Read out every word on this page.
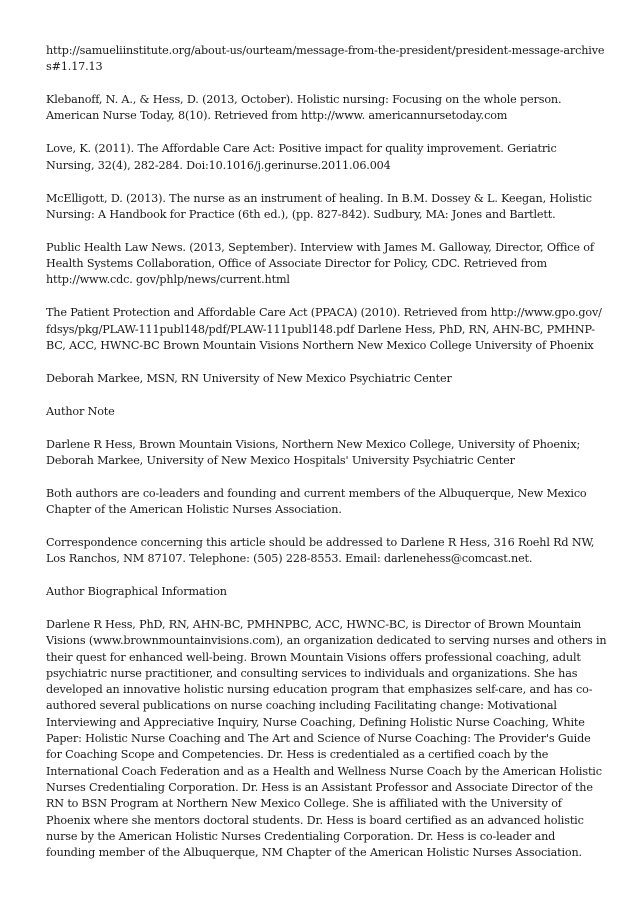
http://samueliinstitute.org/about-us/ourteam/message-from-the-president/president-message-archive
s#1.17.13

Klebanoff, N. A., & Hess, D. (2013, October). Holistic nursing: Focusing on the whole person.
American Nurse Today, 8(10). Retrieved from http://www. americannursetoday.com

Love, K. (2011). The Affordable Care Act: Positive impact for quality improvement. Geriatric
Nursing, 32(4), 282-284. Doi:10.1016/j.gerinurse.2011.06.004

McElligott, D. (2013). The nurse as an instrument of healing. In B.M. Dossey & L. Keegan, Holistic
Nursing: A Handbook for Practice (6th ed.), (pp. 827-842). Sudbury, MA: Jones and Bartlett.

Public Health Law News. (2013, September). Interview with James M. Galloway, Director, Office of
Health Systems Collaboration, Office of Associate Director for Policy, CDC. Retrieved from
http://www.cdc. gov/phlp/news/current.html

The Patient Protection and Affordable Care Act (PPACA) (2010). Retrieved from http://www.gpo.gov/
fdsys/pkg/PLAW-111publ148/pdf/PLAW-111publ148.pdf Darlene Hess, PhD, RN, AHN-BC, PMHNP-
BC, ACC, HWNC-BC Brown Mountain Visions Northern New Mexico College University of Phoenix

Deborah Markee, MSN, RN University of New Mexico Psychiatric Center

Author Note

Darlene R Hess, Brown Mountain Visions, Northern New Mexico College, University of Phoenix;
Deborah Markee, University of New Mexico Hospitals' University Psychiatric Center

Both authors are co-leaders and founding and current members of the Albuquerque, New Mexico
Chapter of the American Holistic Nurses Association.

Correspondence concerning this article should be addressed to Darlene R Hess, 316 Roehl Rd NW,
Los Ranchos, NM 87107. Telephone: (505) 228-8553. Email: darlenehess@comcast.net.

Author Biographical Information

Darlene R Hess, PhD, RN, AHN-BC, PMHNPBC, ACC, HWNC-BC, is Director of Brown Mountain
Visions (www.brownmountainvisions.com), an organization dedicated to serving nurses and others in
their quest for enhanced well-being. Brown Mountain Visions offers professional coaching, adult
psychiatric nurse practitioner, and consulting services to individuals and organizations. She has
developed an innovative holistic nursing education program that emphasizes self-care, and has co-
authored several publications on nurse coaching including Facilitating change: Motivational
Interviewing and Appreciative Inquiry, Nurse Coaching, Defining Holistic Nurse Coaching, White
Paper: Holistic Nurse Coaching and The Art and Science of Nurse Coaching: The Provider's Guide
for Coaching Scope and Competencies. Dr. Hess is credentialed as a certified coach by the
International Coach Federation and as a Health and Wellness Nurse Coach by the American Holistic
Nurses Credentialing Corporation. Dr. Hess is an Assistant Professor and Associate Director of the
RN to BSN Program at Northern New Mexico College. She is affiliated with the University of
Phoenix where she mentors doctoral students. Dr. Hess is board certified as an advanced holistic
nurse by the American Holistic Nurses Credentialing Corporation. Dr. Hess is co-leader and
founding member of the Albuquerque, NM Chapter of the American Holistic Nurses Association.
